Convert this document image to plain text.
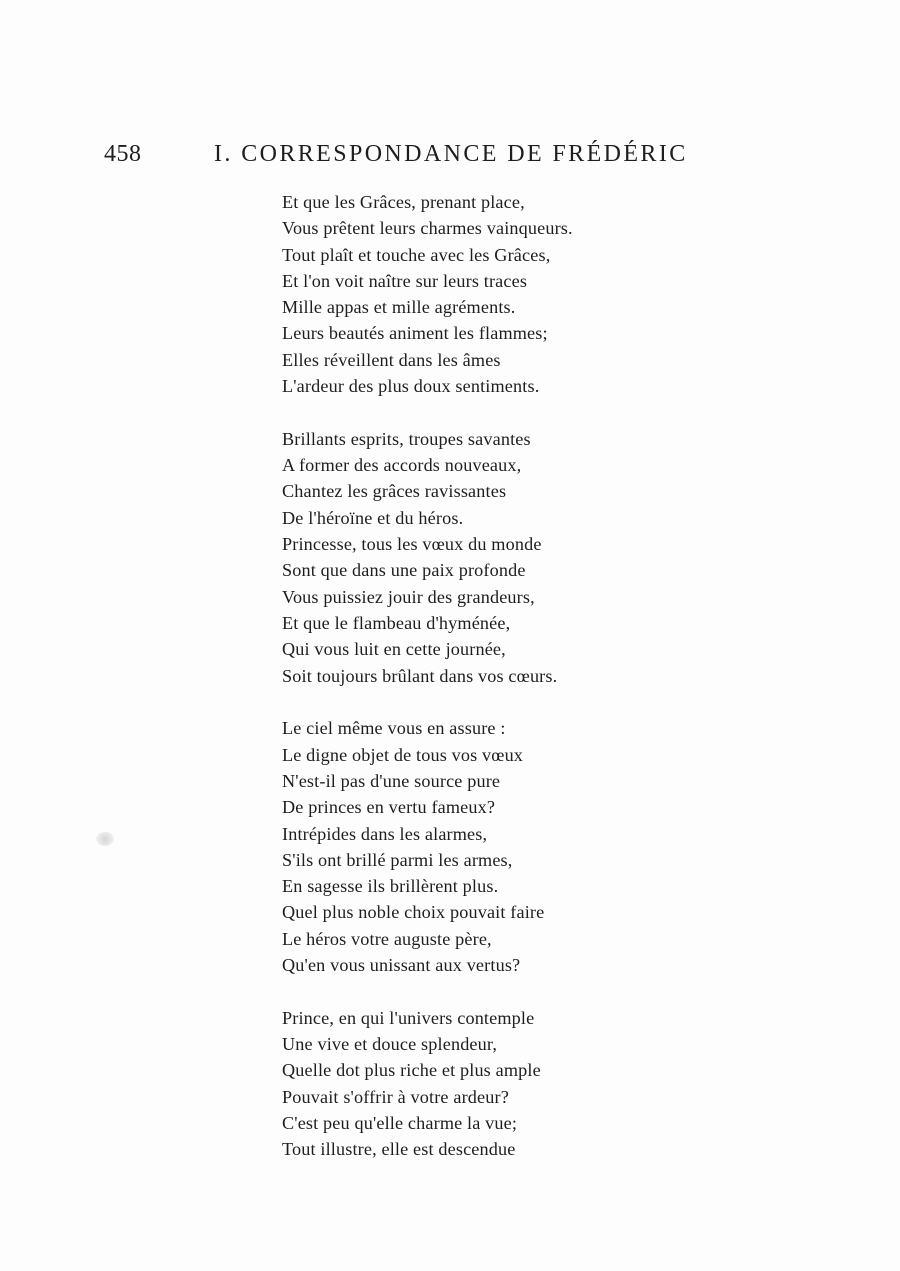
458	I. CORRESPONDANCE DE FRÉDÉRIC
Et que les Grâces, prenant place,
Vous prêtent leurs charmes vainqueurs.
Tout plaît et touche avec les Grâces,
Et l'on voit naître sur leurs traces
Mille appas et mille agréments.
Leurs beautés animent les flammes;
Elles réveillent dans les âmes
L'ardeur des plus doux sentiments.
Brillants esprits, troupes savantes
A former des accords nouveaux,
Chantez les grâces ravissantes
De l'héroïne et du héros.
Princesse, tous les vœux du monde
Sont que dans une paix profonde
Vous puissiez jouir des grandeurs,
Et que le flambeau d'hyménée,
Qui vous luit en cette journée,
Soit toujours brûlant dans vos cœurs.
Le ciel même vous en assure :
Le digne objet de tous vos vœux
N'est-il pas d'une source pure
De princes en vertu fameux?
Intrépides dans les alarmes,
S'ils ont brillé parmi les armes,
En sagesse ils brillèrent plus.
Quel plus noble choix pouvait faire
Le héros votre auguste père,
Qu'en vous unissant aux vertus?
Prince, en qui l'univers contemple
Une vive et douce splendeur,
Quelle dot plus riche et plus ample
Pouvait s'offrir à votre ardeur?
C'est peu qu'elle charme la vue;
Tout illustre, elle est descendue
